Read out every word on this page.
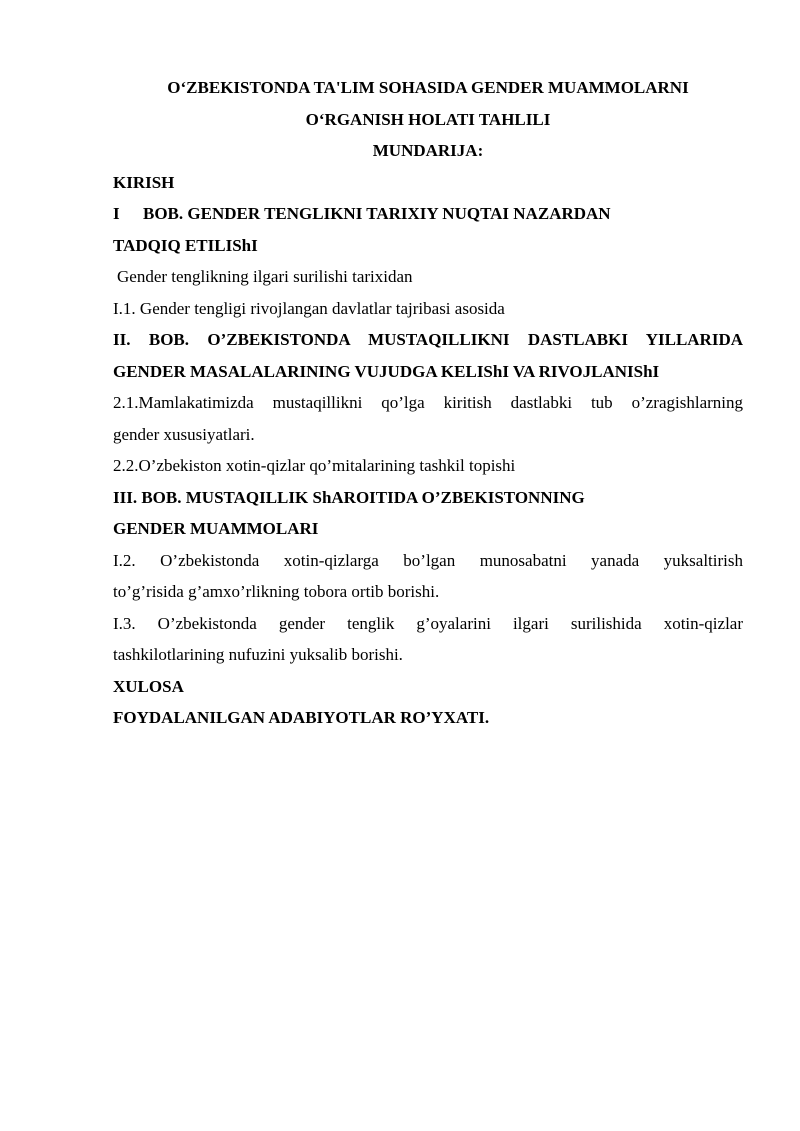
O‘ZBEKISTONDA TA'LIM SOHASIDA GENDER MUAMMOLARNI
O‘RGANISH HOLATI TAHLILI
MUNDARIJA:
KIRISH
I BOB. GENDER TENGLIKNI TARIXIY NUQTAI NAZARDAN
TADQIQ ETILIShI
Gender tenglikning ilgari surilishi tarixidan
I.1. Gender tengligi rivojlangan davlatlar tajribasi asosida
II. BOB. O’ZBEKISTONDA MUSTAQILLIKNI DASTLABKI YILLARIDA
GENDER MASALALARINING VUJUDGA KELIShI VA RIVOJLANIShI
2.1.Mamlakatimizda mustaqillikni qo’lga kiritish dastlabki tub o’zragishlarning
gender xususiyatlari.
2.2.O’zbekiston xotin-qizlar qo’mitalarining tashkil topishi
III. BOB. MUSTAQILLIK ShAROITIDA O’ZBEKISTONNING
GENDER MUAMMOLARI
I.2. O’zbekistonda xotin-qizlarga bo’lgan munosabatni yanada yuksaltirish
to’g’risida g’amxo’rlikning tobora ortib borishi.
I.3. O’zbekistonda gender tenglik g’oyalarini ilgari surilishida xotin-qizlar
tashkilotlarining nufuzini yuksalib borishi.
XULOSA
FOYDALANILGAN ADABIYOTLAR RO’YXATI.
